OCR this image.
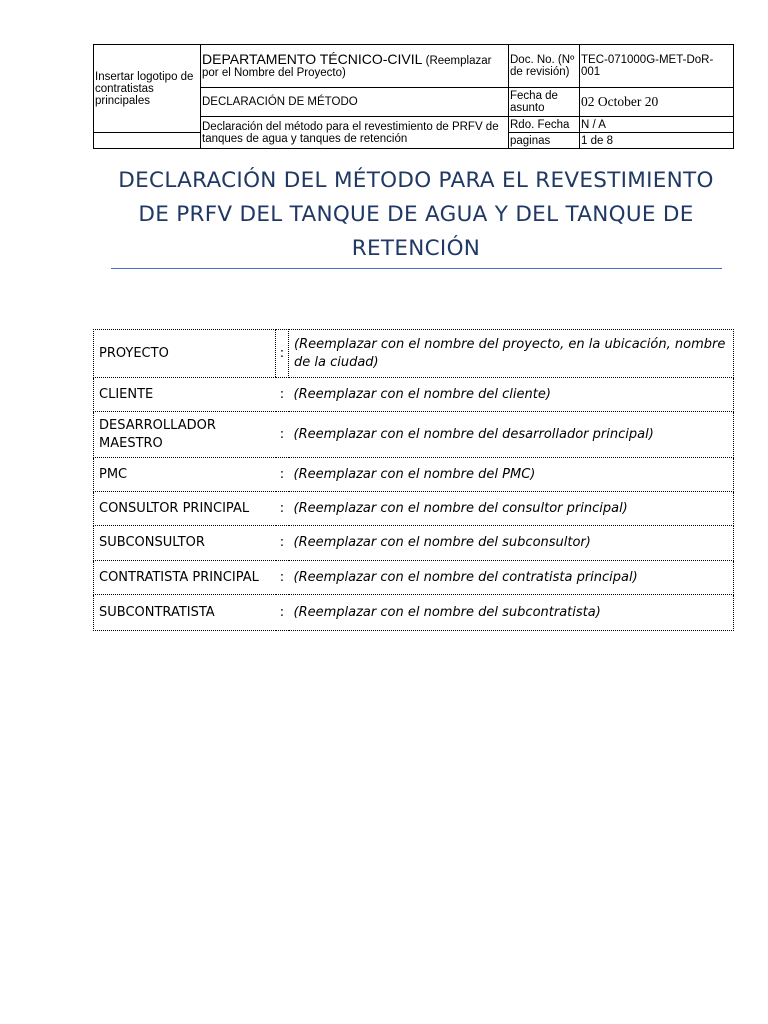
Insertar logotipo de contratistas principales	DEPARTAMENTO TÉCNICO-CIVIL (Reemplazar por el Nombre del Proyecto)	Doc. No. (Nº de revisión)	TEC-071000G-MET-DoR-001
	DECLARACIÓN DE MÉTODO	Fecha de asunto	02 October 20
	Declaración del método para el revestimiento de PRFV de tanques de agua y tanques de retención	Rdo. Fecha	N / A
		paginas	1 de 8
DECLARACIÓN DEL MÉTODO PARA EL REVESTIMIENTO
DE PRFV DEL TANQUE DE AGUA Y DEL TANQUE DE
RETENCIÓN
PROYECTO	:	(Reemplazar con el nombre del proyecto, en la ubicación, nombre de la ciudad)
CLIENTE	:	(Reemplazar con el nombre del cliente)
DESARROLLADOR MAESTRO	:	(Reemplazar con el nombre del desarrollador principal)
PMC	:	(Reemplazar con el nombre del PMC)
CONSULTOR PRINCIPAL	:	(Reemplazar con el nombre del consultor principal)
SUBCONSULTOR	:	(Reemplazar con el nombre del subconsultor)
CONTRATISTA PRINCIPAL	:	(Reemplazar con el nombre del contratista principal)
SUBCONTRATISTA	:	(Reemplazar con el nombre del subcontratista)
